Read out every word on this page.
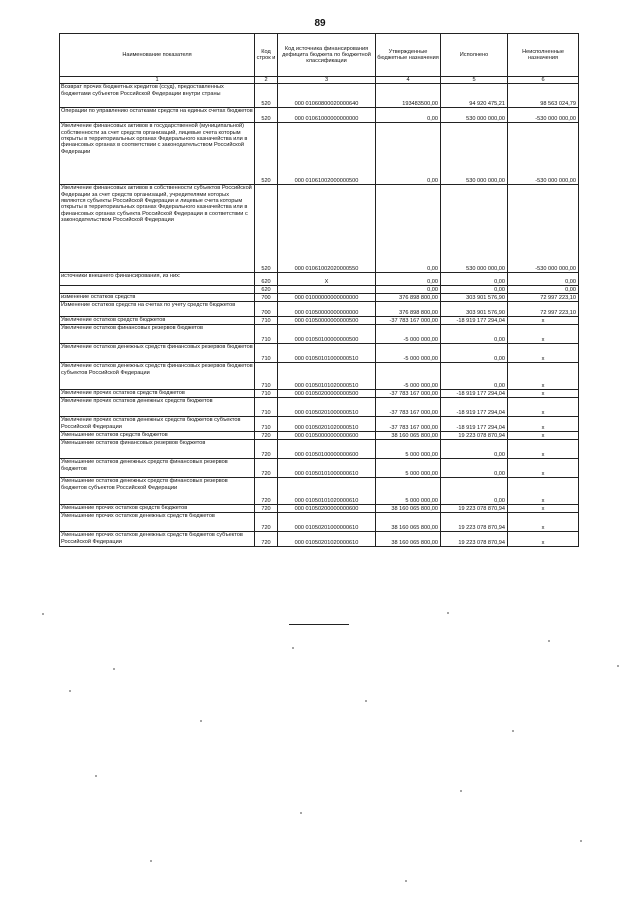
89
Наименование показателя	Код строк и	Код источника финансирования дефицита бюджета по бюджетной классификации	Утвержденные бюджетные назначения	Исполнено	Неисполненные назначения
1	2	3	4	5	6
Возврат прочих бюджетных кредитов (ссуд), предоставленных бюджетами субъектов Российской Федерации внутри страны	520	000 01060800020000640	193483500,00	94 920 475,21	98 563 024,79
Операции по управлению остатками средств на единых счетах бюджетов	520	000 01061000000000000	0,00	530 000 000,00	-530 000 000,00
Увеличение финансовых активов в государственной (муниципальной) собственности за счет средств организаций, лицевые счета которым открыты в территориальных органах Федерального казначейства или в финансовых органах в соответствии с законодательством Российской Федерации	520	000 01061002000000500	0,00	530 000 000,00	-530 000 000,00
Увеличение финансовых активов в собственности субъектов Российской Федерации за счет средств организаций, учредителями которых являются субъекты Российской Федерации и лицевые счета которым открыты в территориальных органах Федерального казначейства или в финансовых органах субъекта Российской Федерации в соответствии с законодательством Российской Федерации	520	000 01061002020000550	0,00	530 000 000,00	-530 000 000,00
источники внешнего финансирования, из них:	620	Х	0,00	0,00	0,00
	620		0,00	0,00	0,00
изменение остатков средств	700	000 01000000000000000	376 898 800,00	303 901 576,90	72 997 223,10
Изменение остатков средств на счетах по учету средств бюджетов	700	000 01050000000000000	376 898 800,00	303 901 576,90	72 997 223,10
Увеличение остатков средств бюджетов	710	000 01050000000000500	-37 783 167 000,00	-18 919 177 294,04	х
Увеличение остатков финансовых резервов бюджетов	710	000 01050100000000500	-5 000 000,00	0,00	х
Увеличение остатков денежных средств финансовых резервов бюджетов	710	000 01050101000000510	-5 000 000,00	0,00	х
Увеличение остатков денежных средств финансовых резервов бюджетов субъектов Российской Федерации	710	000 01050101020000510	-5 000 000,00	0,00	х
Увеличение прочих остатков средств бюджетов	710	000 01050200000000500	-37 783 167 000,00	-18 919 177 294,04	х
Увеличение прочих остатков денежных средств бюджетов	710	000 01050201000000510	-37 783 167 000,00	-18 919 177 294,04	х
Увеличение прочих остатков денежных средств бюджетов субъектов Российской Федерации	710	000 01050201020000510	-37 783 167 000,00	-18 919 177 294,04	х
Уменьшение остатков средств бюджетов	720	000 01050000000000600	38 160 065 800,00	19 223 078 870,94	х
Уменьшение остатков финансовых резервов бюджетов	720	000 01050100000000600	5 000 000,00	0,00	х
Уменьшение остатков денежных средств финансовых резервов бюджетов	720	000 01050101000000610	5 000 000,00	0,00	х
Уменьшение остатков денежных средств финансовых резервов бюджетов субъектов Российской Федерации	720	000 01050101020000610	5 000 000,00	0,00	х
Уменьшение прочих остатков средств бюджетов	720	000 01050200000000600	38 160 065 800,00	19 223 078 870,94	х
Уменьшение прочих остатков денежных средств бюджетов	720	000 01050201000000610	38 160 065 800,00	19 223 078 870,94	х
Уменьшение прочих остатков денежных средств бюджетов субъектов Российской Федерации	720	000 01050201020000610	38 160 065 800,00	19 223 078 870,94	х
